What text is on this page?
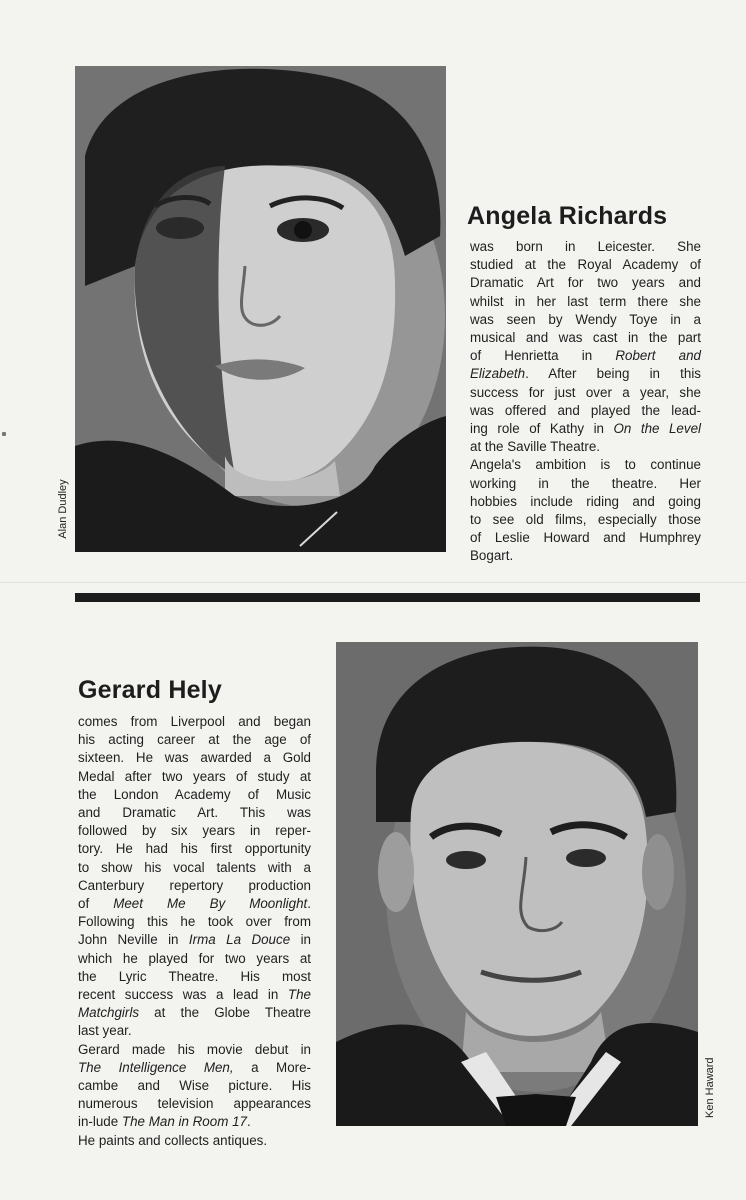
Alan Dudley
Angela Richards
was born in Leicester. She
studied at the Royal Academy of
Dramatic Art for two years and
whilst in her last term there she
was seen by Wendy Toye in a
musical and was cast in the part
of Henrietta in Robert and
Elizabeth. After being in this
success for just over a year, she
was offered and played the lead-
ing role of Kathy in On the Level
at the Saville Theatre.
Angela's ambition is to continue
working in the theatre. Her
hobbies include riding and going
to see old films, especially those
of Leslie Howard and Humphrey
Bogart.
Gerard Hely
comes from Liverpool and began
his acting career at the age of
sixteen. He was awarded a Gold
Medal after two years of study at
the London Academy of Music
and Dramatic Art. This was
followed by six years in reper-
tory. He had his first opportunity
to show his vocal talents with a
Canterbury repertory production
of Meet Me By Moonlight.
Following this he took over from
John Neville in Irma La Douce in
which he played for two years at
the Lyric Theatre. His most
recent success was a lead in The
Matchgirls at the Globe Theatre
last year.
Gerard made his movie debut in
The Intelligence Men, a More-
cambe and Wise picture. His
numerous television appearances
in-lude The Man in Room 17.
He paints and collects antiques.
Ken Haward
